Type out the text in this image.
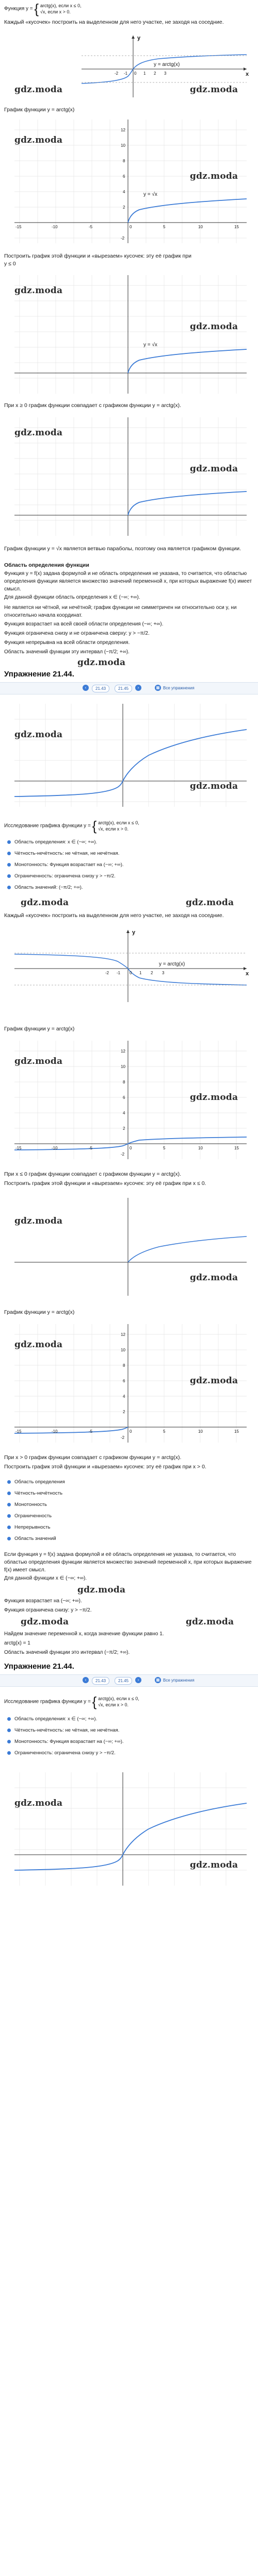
Функция y = { arctg(x), если x ≤ 0,
√x, если x > 0.
Каждый «кусочек» построить на выделенном для него участке, не заходя на соседние.
y
x
y = arctg(x)
-2 -1 0 1 2 3
gdz.moda	gdz.moda
График функции y = arctg(x)
y = √x
-15	-10	-5	0	5	10	15
12
10
8
6
4
2
-2
gdz.moda
gdz.moda
Построить график этой функции и «вырезаем» кусочек: эту её график при
y ≤ 0
y = √x
gdz.moda
gdz.moda
При x ≥ 0 график функции совпадает с графиком функции y = arctg(x).
gdz.moda
gdz.moda
График функции y = √x является ветвью параболы, поэтому она является графиком функции.
Область определения функции
Функция y = f(x) задана формулой и не область определения не указана, то считается, что областью определения функции является множество значений переменной x, при которых выражение f(x) имеет смысл.
Для данной функции область определения x ∈ (−∞; +∞).
Не является ни чётной, ни нечётной; график функции не симметричен ни относительно оси y, ни относительно начала координат.
Функция возрастает на всей своей области определения (−∞; +∞).
Функция ограничена снизу и не ограничена сверху: y > −π/2.
Функция непрерывна на всей области определения.
Область значений функции эту интервал (−π/2; +∞).
gdz.moda
Упражнение 21.44.
‹	21.43	21.45	›	▦ Все упражнения
gdz.moda
gdz.moda
Исследование графика функции y = { arctg(x), если x ≤ 0,
√x, если x > 0.
Область определения: x ∈ (−∞; +∞).
Чётность-нечётность: не чётная, не нечётная.
Монотонность: Функция возрастает на (−∞; +∞).
Ограниченность: ограничена снизу y > −π/2.
Область значений: (−π/2; +∞).
gdz.moda	gdz.moda
Каждый «кусочек» построить на выделенном для него участке, не заходя на соседние.
y
x
y = arctg(x)
-2 -1 0 1 2 3
График функции y = arctg(x)
-15	-10	-5	0	5	10	15
12
10
8
6
4
2
-2
gdz.moda
gdz.moda
При x ≤ 0 график функции совпадает с графиком функции y = arctg(x).
Построить график этой функции и «вырезаем» кусочек: эту её график при x ≤ 0.
gdz.moda
gdz.moda
График функции y = arctg(x)
-15	-10	-5	0	5	10	15
12
10
8
6
4
2
-2
gdz.moda
gdz.moda
При x > 0 график функции совпадает с графиком функции y = arctg(x).
Построить график этой функции и «вырезаем» кусочек: эту её график при x > 0.
Область определения
Чётность-нечётность
Монотонность
Ограниченность
Непрерывность
Область значений
Если функция y = f(x) задана формулой и её область определения не указана, то считается, что областью определения функции является множество значений переменной x, при которых выражение f(x) имеет смысл.
Для данной функции x ∈ (−∞; +∞).
gdz.moda
Функция возрастает на (−∞; +∞).
Функция ограничена снизу: y > −π/2.
gdz.moda	gdz.moda
Найдем значение переменной x, когда значение функции равно 1.
arctg(x) = 1
Область значений функции это интервал (−π/2; +∞).
Упражнение 21.44.
‹	21.43	21.45	›	▦ Все упражнения
Исследование графика функции y = { arctg(x), если x ≤ 0,
√x, если x > 0.
Область определения: x ∈ (−∞; +∞).
Чётность-нечётность: не чётная, не нечётная.
Монотонность: Функция возрастает на (−∞; +∞).
Ограниченность: ограничена снизу y > −π/2.
gdz.moda
gdz.moda
